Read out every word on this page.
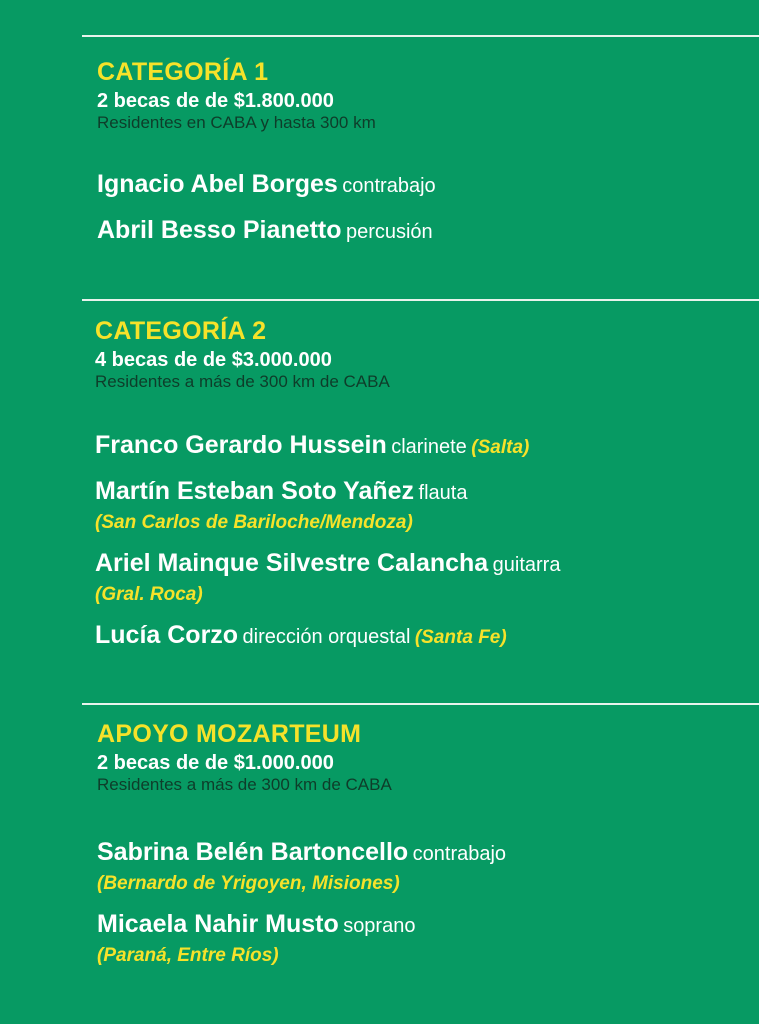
CATEGORÍA 1

2 becas de de $1.800.000

Residentes en CABA y hasta 300 km

Ignacio Abel Borges contrabajo
Abril Besso Pianetto percusión
CATEGORÍA 2

4 becas de de $3.000.000

Residentes a más de 300 km de CABA

Franco Gerardo Hussein clarinete (Salta)
Martín Esteban Soto Yañez flauta
(San Carlos de Bariloche/Mendoza)
Ariel Mainque Silvestre Calancha guitarra
(Gral. Roca)
Lucía Corzo dirección orquestal (Santa Fe)
APOYO MOZARTEUM

2 becas de de $1.000.000

Residentes a más de 300 km de CABA

Sabrina Belén Bartoncello contrabajo
(Bernardo de Yrigoyen, Misiones)
Micaela Nahir Musto soprano
(Paraná, Entre Ríos)
